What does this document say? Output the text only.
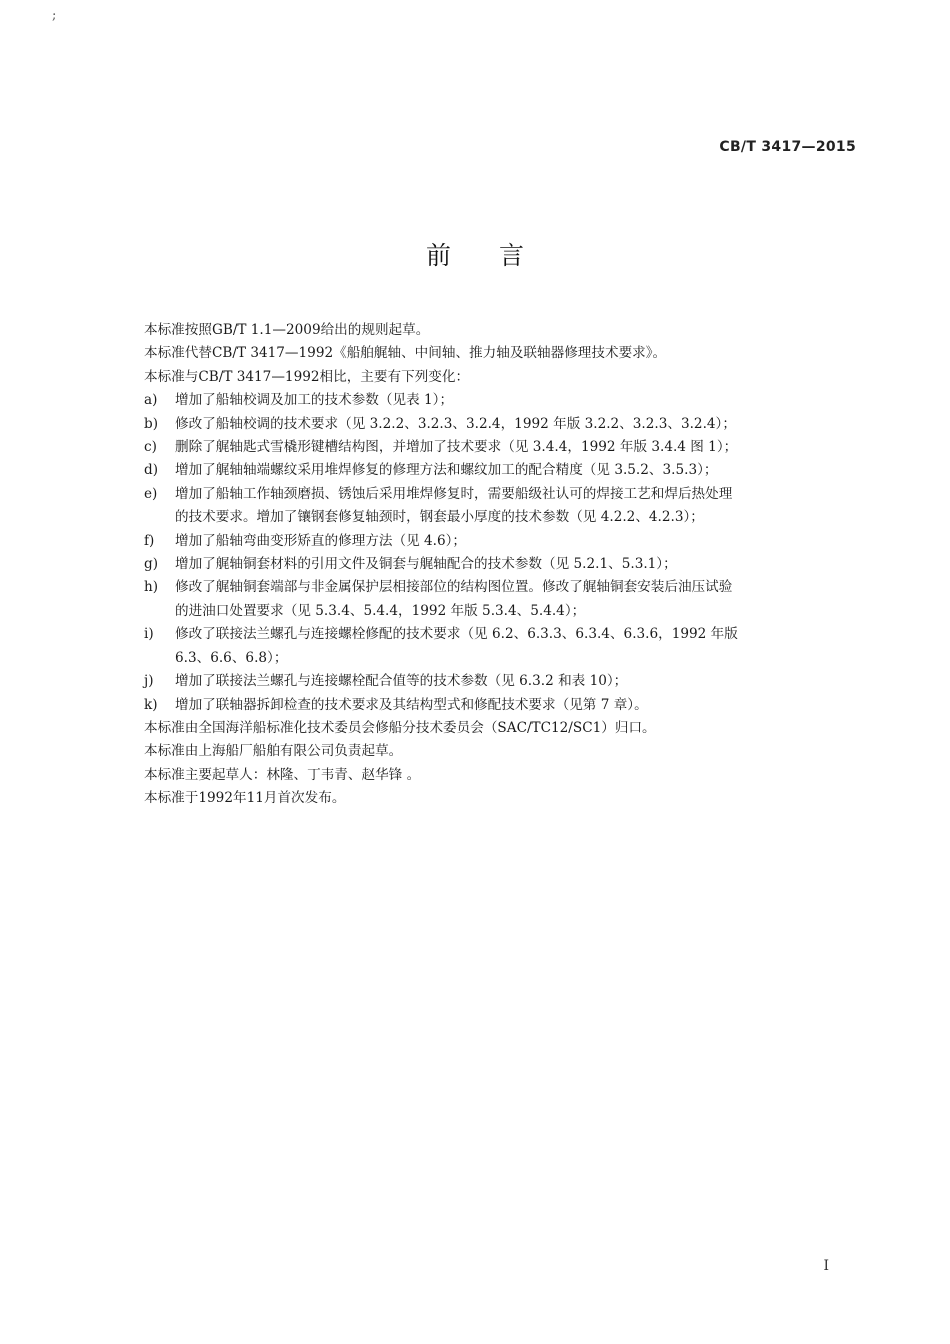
;
CB/T 3417—2015
前言

本标准按照GB/T 1.1—2009给出的规则起草。

本标准代替CB/T 3417—1992《船舶艉轴、中间轴、推力轴及联轴器修理技术要求》。

本标准与CB/T 3417—1992相比，主要有下列变化：

a)	增加了船轴校调及加工的技术参数（见表 1）；
b)	修改了船轴校调的技术要求（见 3.2.2、3.2.3、3.2.4，1992 年版 3.2.2、3.2.3、3.2.4）；
c)	删除了艉轴匙式雪橇形键槽结构图，并增加了技术要求（见 3.4.4，1992 年版 3.4.4 图 1）；
d)	增加了艉轴轴端螺纹采用堆焊修复的修理方法和螺纹加工的配合精度（见 3.5.2、3.5.3）；
e)	增加了船轴工作轴颈磨损、锈蚀后采用堆焊修复时，需要船级社认可的焊接工艺和焊后热处理
的技术要求。增加了镶钢套修复轴颈时，钢套最小厚度的技术参数（见 4.2.2、4.2.3）；
f)	增加了船轴弯曲变形矫直的修理方法（见 4.6）；
g)	增加了艉轴铜套材料的引用文件及铜套与艉轴配合的技术参数（见 5.2.1、5.3.1）；
h)	修改了艉轴铜套端部与非金属保护层相接部位的结构图位置。修改了艉轴铜套安装后油压试验
的进油口处置要求（见 5.3.4、5.4.4，1992 年版 5.3.4、5.4.4）；
i)	修改了联接法兰螺孔与连接螺栓修配的技术要求（见 6.2、6.3.3、6.3.4、6.3.6，1992 年版
6.3、6.6、6.8）；
j)	增加了联接法兰螺孔与连接螺栓配合值等的技术参数（见 6.3.2 和表 10）；
k)	增加了联轴器拆卸检查的技术要求及其结构型式和修配技术要求（见第 7 章）。

本标准由全国海洋船标准化技术委员会修船分技术委员会（SAC/TC12/SC1）归口。

本标准由上海船厂船舶有限公司负责起草。

本标准主要起草人：林隆、丁韦青、赵华锋 。

本标准于1992年11月首次发布。

I
